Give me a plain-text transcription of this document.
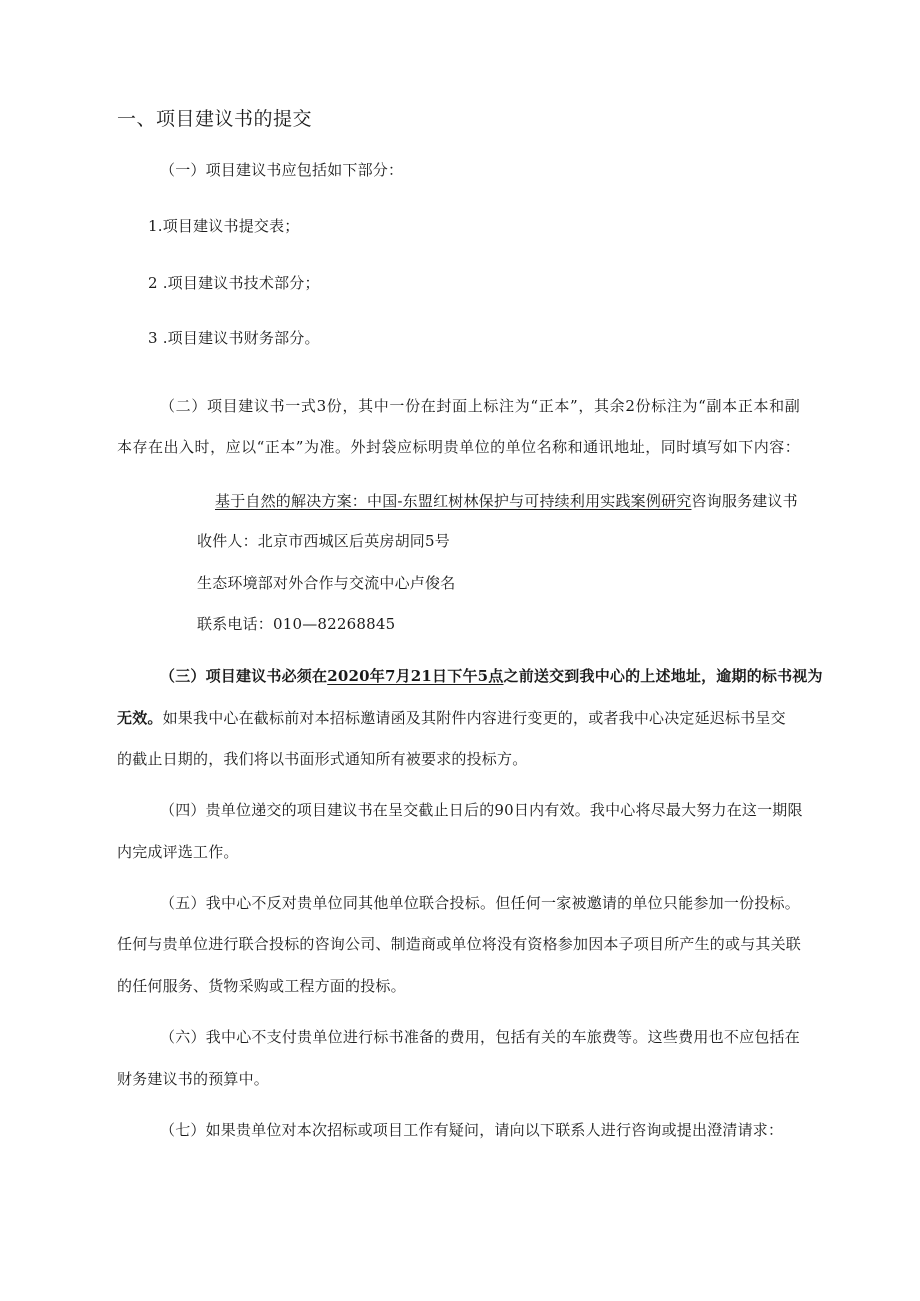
一、项目建议书的提交
（一）项目建议书应包括如下部分：
1.项目建议书提交表；
2 .项目建议书技术部分；
3 .项目建议书财务部分。
（二）项目建议书一式3份，其中一份在封面上标注为“正本”，其余2份标注为“副本正本和副
本存在出入时，应以“正本”为准。外封袋应标明贵单位的单位名称和通讯地址，同时填写如下内容：
基于自然的解决方案：中国-东盟红树林保护与可持续利用实践案例研究咨询服务建议书
收件人：北京市西城区后英房胡同5号
生态环境部对外合作与交流中心卢俊名
联系电话：010—82268845
（三）项目建议书必须在2020年7月21日下午5点之前送交到我中心的上述地址，逾期的标书视为
无效。如果我中心在截标前对本招标邀请函及其附件内容进行变更的，或者我中心决定延迟标书呈交
的截止日期的，我们将以书面形式通知所有被要求的投标方。
（四）贵单位递交的项目建议书在呈交截止日后的90日内有效。我中心将尽最大努力在这一期限
内完成评选工作。
（五）我中心不反对贵单位同其他单位联合投标。但任何一家被邀请的单位只能参加一份投标。
任何与贵单位进行联合投标的咨询公司、制造商或单位将没有资格参加因本子项目所产生的或与其关联
的任何服务、货物采购或工程方面的投标。
（六）我中心不支付贵单位进行标书准备的费用，包括有关的车旅费等。这些费用也不应包括在
财务建议书的预算中。
（七）如果贵单位对本次招标或项目工作有疑问，请向以下联系人进行咨询或提出澄清请求：
